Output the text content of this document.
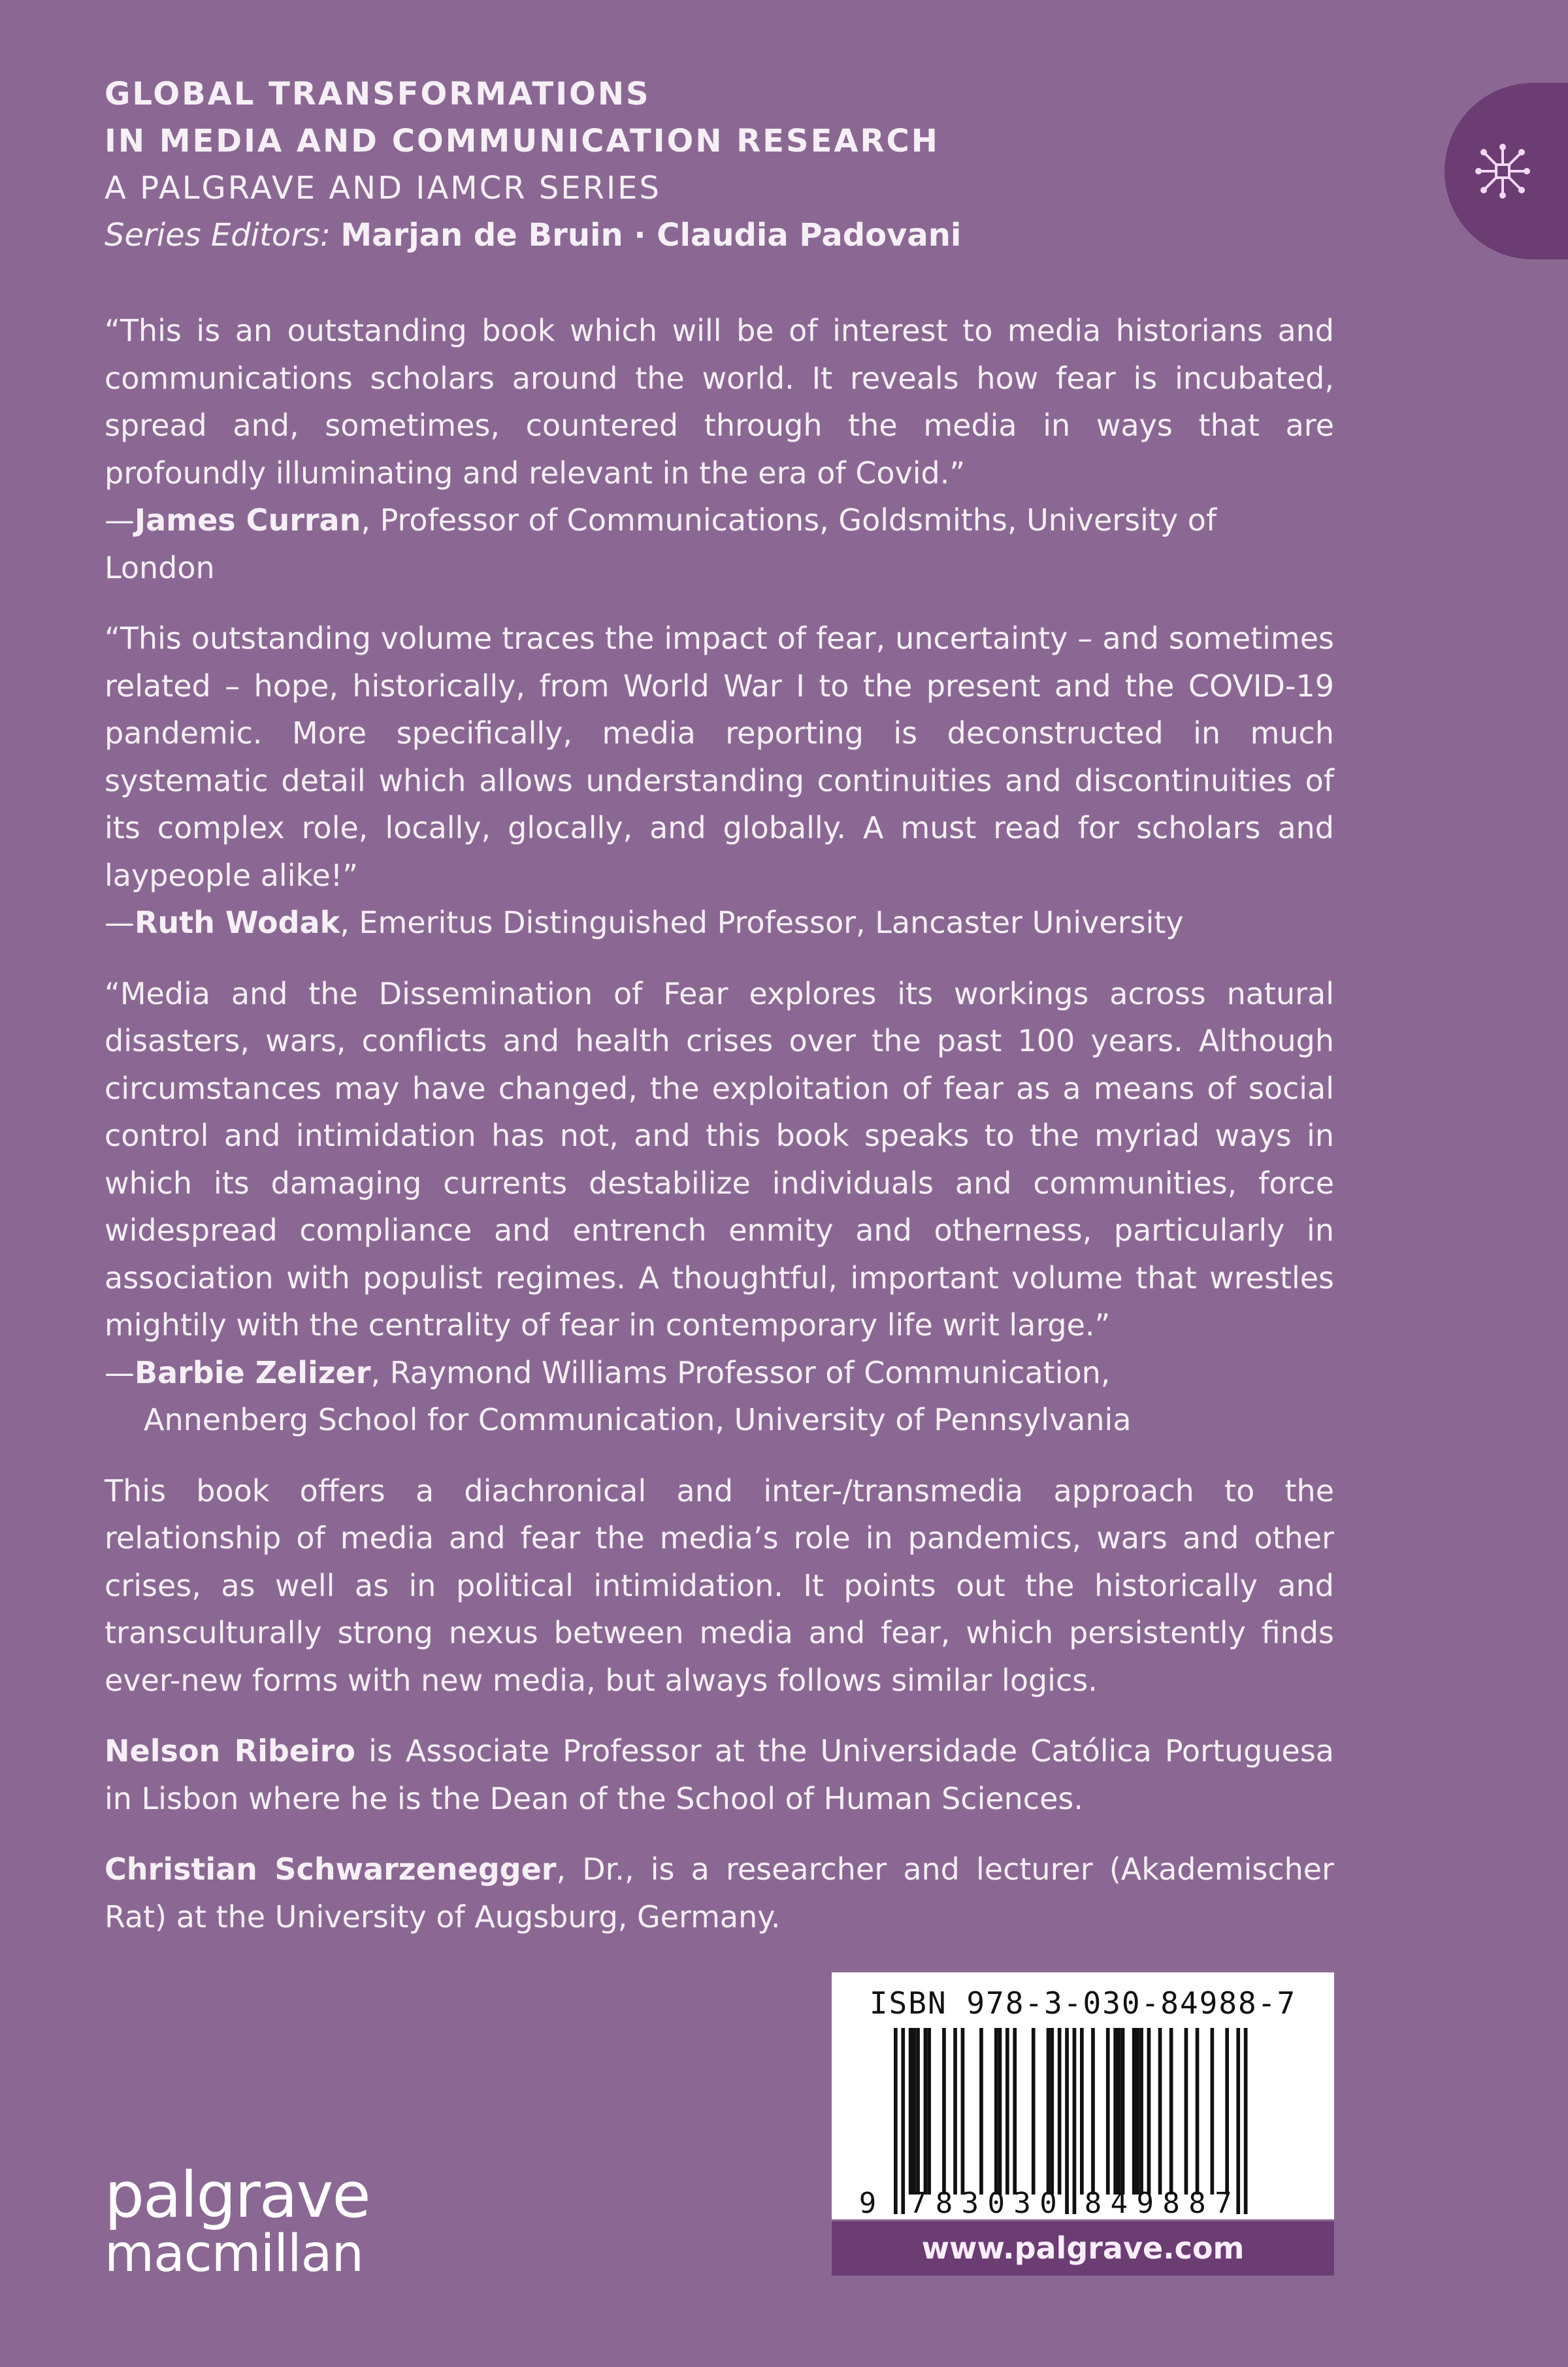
GLOBAL TRANSFORMATIONS
IN MEDIA AND COMMUNICATION RESEARCH
A PALGRAVE AND IAMCR SERIES
Series Editors: Marjan de Bruin · Claudia Padovani
“This is an outstanding book which will be of interest to media historians and communications scholars around the world. It reveals how fear is incubated, spread and, sometimes, countered through the media in ways that are profoundly illuminating and relevant in the era of Covid.”
—James Curran, Professor of Communications, Goldsmiths, University of London
“This outstanding volume traces the impact of fear, uncertainty – and sometimes related – hope, historically, from World War I to the present and the COVID-19 pandemic. More specifically, media reporting is deconstructed in much systematic detail which allows understanding continuities and discontinuities of its complex role, locally, glocally, and globally. A must read for scholars and laypeople alike!”
—Ruth Wodak, Emeritus Distinguished Professor, Lancaster University
“Media and the Dissemination of Fear explores its workings across natural disasters, wars, conflicts and health crises over the past 100 years. Although circumstances may have changed, the exploitation of fear as a means of social control and intimidation has not, and this book speaks to the myriad ways in which its damaging currents destabilize individuals and communities, force widespread compliance and entrench enmity and otherness, particularly in association with populist regimes. A thoughtful, important volume that wrestles mightily with the centrality of fear in contemporary life writ large.”
—Barbie Zelizer, Raymond Williams Professor of Communication,
Annenberg School for Communication, University of Pennsylvania
This book offers a diachronical and inter-/transmedia approach to the relationship of media and fear the media’s role in pandemics, wars and other crises, as well as in political intimidation. It points out the historically and transculturally strong nexus between media and fear, which persistently finds ever-new forms with new media, but always follows similar logics.
Nelson Ribeiro is Associate Professor at the Universidade Católica Portuguesa in Lisbon where he is the Dean of the School of Human Sciences.
Christian Schwarzenegger, Dr., is a researcher and lecturer (Akademischer Rat) at the University of Augsburg, Germany.
palgrave
macmillan
ISBN 978-3-030-84988-7
9 7 8 3 0 3 0 8 4 9 8 8 7
www.palgrave.com
